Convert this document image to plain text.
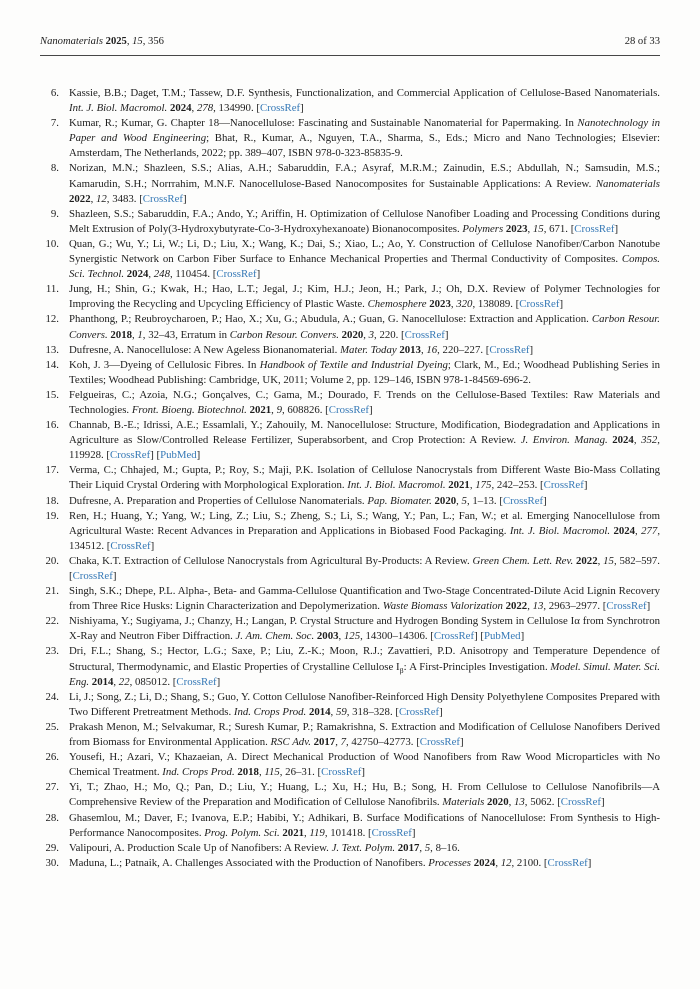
Nanomaterials 2025, 15, 356	28 of 33
6. Kassie, B.B.; Daget, T.M.; Tassew, D.F. Synthesis, Functionalization, and Commercial Application of Cellulose-Based Nanomaterials. Int. J. Biol. Macromol. 2024, 278, 134990. [CrossRef]
7. Kumar, R.; Kumar, G. Chapter 18—Nanocellulose: Fascinating and Sustainable Nanomaterial for Papermaking. In Nanotechnology in Paper and Wood Engineering; Bhat, R., Kumar, A., Nguyen, T.A., Sharma, S., Eds.; Micro and Nano Technologies; Elsevier: Amsterdam, The Netherlands, 2022; pp. 389–407, ISBN 978-0-323-85835-9.
8. Norizan, M.N.; Shazleen, S.S.; Alias, A.H.; Sabaruddin, F.A.; Asyraf, M.R.M.; Zainudin, E.S.; Abdullah, N.; Samsudin, M.S.; Kamarudin, S.H.; Norrrahim, M.N.F. Nanocellulose-Based Nanocomposites for Sustainable Applications: A Review. Nanomaterials 2022, 12, 3483. [CrossRef]
9. Shazleen, S.S.; Sabaruddin, F.A.; Ando, Y.; Ariffin, H. Optimization of Cellulose Nanofiber Loading and Processing Conditions during Melt Extrusion of Poly(3-Hydroxybutyrate-Co-3-Hydroxyhexanoate) Bionanocomposites. Polymers 2023, 15, 671. [CrossRef]
10. Quan, G.; Wu, Y.; Li, W.; Li, D.; Liu, X.; Wang, K.; Dai, S.; Xiao, L.; Ao, Y. Construction of Cellulose Nanofiber/Carbon Nanotube Synergistic Network on Carbon Fiber Surface to Enhance Mechanical Properties and Thermal Conductivity of Composites. Compos. Sci. Technol. 2024, 248, 110454. [CrossRef]
11. Jung, H.; Shin, G.; Kwak, H.; Hao, L.T.; Jegal, J.; Kim, H.J.; Jeon, H.; Park, J.; Oh, D.X. Review of Polymer Technologies for Improving the Recycling and Upcycling Efficiency of Plastic Waste. Chemosphere 2023, 320, 138089. [CrossRef]
12. Phanthong, P.; Reubroycharoen, P.; Hao, X.; Xu, G.; Abudula, A.; Guan, G. Nanocellulose: Extraction and Application. Carbon Resour. Convers. 2018, 1, 32–43, Erratum in Carbon Resour. Convers. 2020, 3, 220. [CrossRef]
13. Dufresne, A. Nanocellulose: A New Ageless Bionanomaterial. Mater. Today 2013, 16, 220–227. [CrossRef]
14. Koh, J. 3—Dyeing of Cellulosic Fibres. In Handbook of Textile and Industrial Dyeing; Clark, M., Ed.; Woodhead Publishing Series in Textiles; Woodhead Publishing: Cambridge, UK, 2011; Volume 2, pp. 129–146, ISBN 978-1-84569-696-2.
15. Felgueiras, C.; Azoia, N.G.; Gonçalves, C.; Gama, M.; Dourado, F. Trends on the Cellulose-Based Textiles: Raw Materials and Technologies. Front. Bioeng. Biotechnol. 2021, 9, 608826. [CrossRef]
16. Channab, B.-E.; Idrissi, A.E.; Essamlali, Y.; Zahouily, M. Nanocellulose: Structure, Modification, Biodegradation and Applications in Agriculture as Slow/Controlled Release Fertilizer, Superabsorbent, and Crop Protection: A Review. J. Environ. Manag. 2024, 352, 119928. [CrossRef] [PubMed]
17. Verma, C.; Chhajed, M.; Gupta, P.; Roy, S.; Maji, P.K. Isolation of Cellulose Nanocrystals from Different Waste Bio-Mass Collating Their Liquid Crystal Ordering with Morphological Exploration. Int. J. Biol. Macromol. 2021, 175, 242–253. [CrossRef]
18. Dufresne, A. Preparation and Properties of Cellulose Nanomaterials. Pap. Biomater. 2020, 5, 1–13. [CrossRef]
19. Ren, H.; Huang, Y.; Yang, W.; Ling, Z.; Liu, S.; Zheng, S.; Li, S.; Wang, Y.; Pan, L.; Fan, W.; et al. Emerging Nanocellulose from Agricultural Waste: Recent Advances in Preparation and Applications in Biobased Food Packaging. Int. J. Biol. Macromol. 2024, 277, 134512. [CrossRef]
20. Chaka, K.T. Extraction of Cellulose Nanocrystals from Agricultural By-Products: A Review. Green Chem. Lett. Rev. 2022, 15, 582–597. [CrossRef]
21. Singh, S.K.; Dhepe, P.L. Alpha-, Beta- and Gamma-Cellulose Quantification and Two-Stage Concentrated-Dilute Acid Lignin Recovery from Three Rice Husks: Lignin Characterization and Depolymerization. Waste Biomass Valorization 2022, 13, 2963–2977. [CrossRef]
22. Nishiyama, Y.; Sugiyama, J.; Chanzy, H.; Langan, P. Crystal Structure and Hydrogen Bonding System in Cellulose Iα from Synchrotron X-Ray and Neutron Fiber Diffraction. J. Am. Chem. Soc. 2003, 125, 14300–14306. [CrossRef] [PubMed]
23. Dri, F.L.; Shang, S.; Hector, L.G.; Saxe, P.; Liu, Z.-K.; Moon, R.J.; Zavattieri, P.D. Anisotropy and Temperature Dependence of Structural, Thermodynamic, and Elastic Properties of Crystalline Cellulose $I_\beta$: A First-Principles Investigation. Model. Simul. Mater. Sci. Eng. 2014, 22, 085012. [CrossRef]
24. Li, J.; Song, Z.; Li, D.; Shang, S.; Guo, Y. Cotton Cellulose Nanofiber-Reinforced High Density Polyethylene Composites Prepared with Two Different Pretreatment Methods. Ind. Crops Prod. 2014, 59, 318–328. [CrossRef]
25. Prakash Menon, M.; Selvakumar, R.; Suresh Kumar, P.; Ramakrishna, S. Extraction and Modification of Cellulose Nanofibers Derived from Biomass for Environmental Application. RSC Adv. 2017, 7, 42750–42773. [CrossRef]
26. Yousefi, H.; Azari, V.; Khazaeian, A. Direct Mechanical Production of Wood Nanofibers from Raw Wood Microparticles with No Chemical Treatment. Ind. Crops Prod. 2018, 115, 26–31. [CrossRef]
27. Yi, T.; Zhao, H.; Mo, Q.; Pan, D.; Liu, Y.; Huang, L.; Xu, H.; Hu, B.; Song, H. From Cellulose to Cellulose Nanofibrils—A Comprehensive Review of the Preparation and Modification of Cellulose Nanofibrils. Materials 2020, 13, 5062. [CrossRef]
28. Ghasemlou, M.; Daver, F.; Ivanova, E.P.; Habibi, Y.; Adhikari, B. Surface Modifications of Nanocellulose: From Synthesis to High-Performance Nanocomposites. Prog. Polym. Sci. 2021, 119, 101418. [CrossRef]
29. Valipouri, A. Production Scale Up of Nanofibers: A Review. J. Text. Polym. 2017, 5, 8–16.
30. Maduna, L.; Patnaik, A. Challenges Associated with the Production of Nanofibers. Processes 2024, 12, 2100. [CrossRef]
